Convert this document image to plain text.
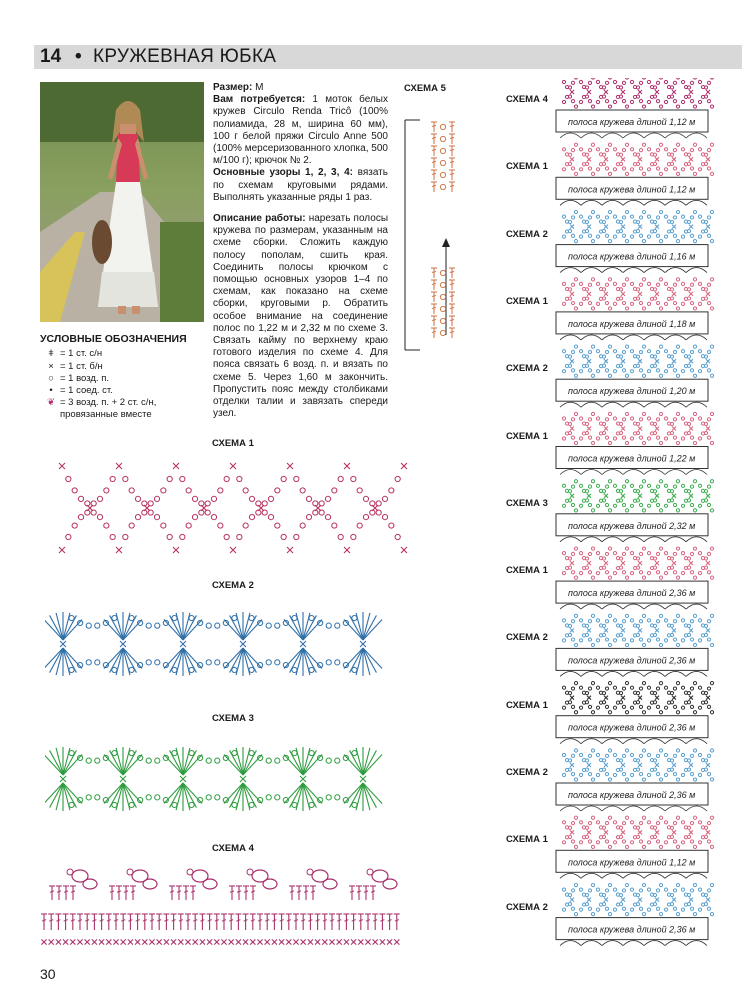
14 • КРУЖЕВНАЯ ЮБКА
УСЛОВНЫЕ ОБОЗНАЧЕНИЯ
ǂ = 1 ст. с/н
× = 1 ст. б/н
○ = 1 возд. п.
• = 1 соед. ст.
❦ = 3 возд. п. + 2 ст. с/н, провязанные вместе

Размер: М

Вам потребуется: 1 моток белых кружев Circulo Renda Tricô (100% полиамида, 28 м, ширина 60 мм), 100 г белой пряжи Circulo Anne 500 (100% мерсеризованного хлопка, 500 м/100 г); крючок № 2.

Основные узоры 1, 2, 3, 4: вязать по схемам круговыми рядами. Выполнять указанные ряды 1 раз.

Описание работы: нарезать полосы кружева по размерам, указанным на схеме сборки. Сложить каждую полосу пополам, сшить края. Соединить полосы крючком с помощью основных узоров 1–4 по схемам, как показано на схеме сборки, круговыми р. Обратить особое внимание на соединение полос по 1,22 м и 2,32 м по схеме 3. Связать кайму по верхнему краю готового изделия по схеме 4. Для пояса связать 6 возд. п. и вязать по схеме 5. Через 1,60 м закончить. Пропустить пояс между столбиками отделки талии и завязать спереди узел.

СХЕМА 5
СХЕМА 1
СХЕМА 2
СХЕМА 3
СХЕМА 4
полоса кружева длиной 1,12 м
полоса кружева длиной 1,12 м
полоса кружева длиной 1,16 м
полоса кружева длиной 1,18 м
полоса кружева длиной 1,20 м
полоса кружева длиной 1,22 м
полоса кружева длиной 2,32 м
полоса кружева длиной 2,36 м
полоса кружева длиной 2,36 м
полоса кружева длиной 2,36 м
полоса кружева длиной 2,36 м
полоса кружева длиной 1,12 м
полоса кружева длиной 2,36 м
30
СХЕМА 4
СХЕМА 1
СХЕМА 2
СХЕМА 1
СХЕМА 2
СХЕМА 1
СХЕМА 3
СХЕМА 1
СХЕМА 2
СХЕМА 1
СХЕМА 2
СХЕМА 1
СХЕМА 2
